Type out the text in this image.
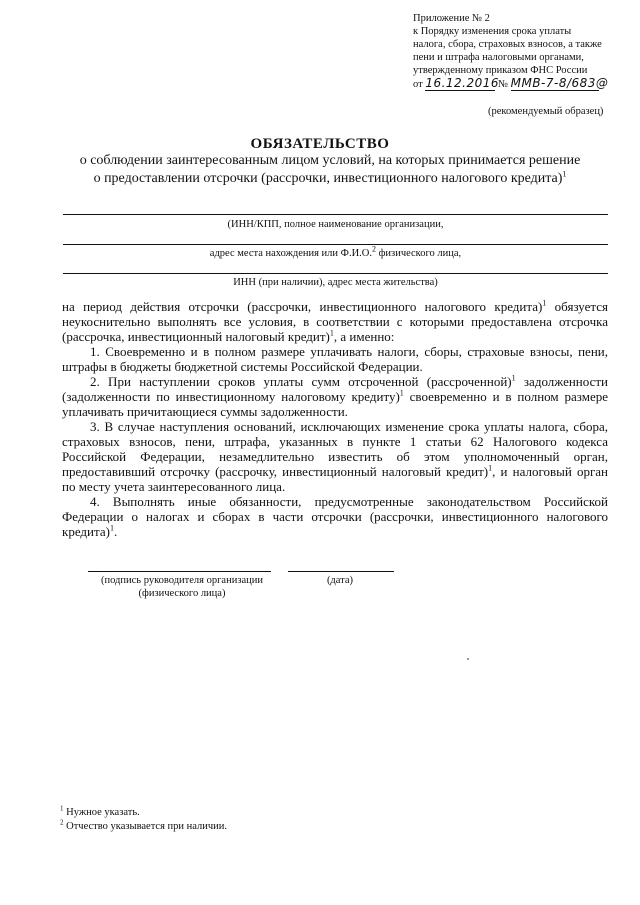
Приложение № 2
к Порядку изменения срока уплаты
налога, сбора, страховых взносов, а также
пени и штрафа налоговыми органами,
утвержденному приказом ФНС России
от 16.12.2016 № ММВ-7-8/683@
(рекомендуемый образец)
ОБЯЗАТЕЛЬСТВО
о соблюдении заинтересованным лицом условий, на которых принимается решение
о предоставлении отсрочки (рассрочки, инвестиционного налогового кредита)$^1$
(ИНН/КПП, полное наименование организации,
адрес места нахождения или Ф.И.О.$^2$ физического лица,
ИНН (при наличии), адрес места жительства)

на период действия отсрочки (рассрочки, инвестиционного налогового кредита)$^1$ обязуется неукоснительно выполнять все условия, в соответствии с которыми предоставлена отсрочка (рассрочка, инвестиционный налоговый кредит)$^1$, а именно:

1. Своевременно и в полном размере уплачивать налоги, сборы, страховые взносы, пени, штрафы в бюджеты бюджетной системы Российской Федерации.

2. При наступлении сроков уплаты сумм отсроченной (рассроченной)$^1$ задолженности (задолженности по инвестиционному налоговому кредиту)$^1$ своевременно и в полном размере уплачивать причитающиеся суммы задолженности.

3. В случае наступления оснований, исключающих изменение срока уплаты налога, сбора, страховых взносов, пени, штрафа, указанных в пункте 1 статьи 62 Налогового кодекса Российской Федерации, незамедлительно известить об этом уполномоченный орган, предоставивший отсрочку (рассрочку, инвестиционный налоговый кредит)$^1$, и налоговый орган по месту учета заинтересованного лица.

4. Выполнять иные обязанности, предусмотренные законодательством Российской Федерации о налогах и сборах в части отсрочки (рассрочки, инвестиционного налогового кредита)$^1$.

(подпись руководителя организации
(физического лица)
(дата)
$^1$ Нужное указать.
$^2$ Отчество указывается при наличии.
